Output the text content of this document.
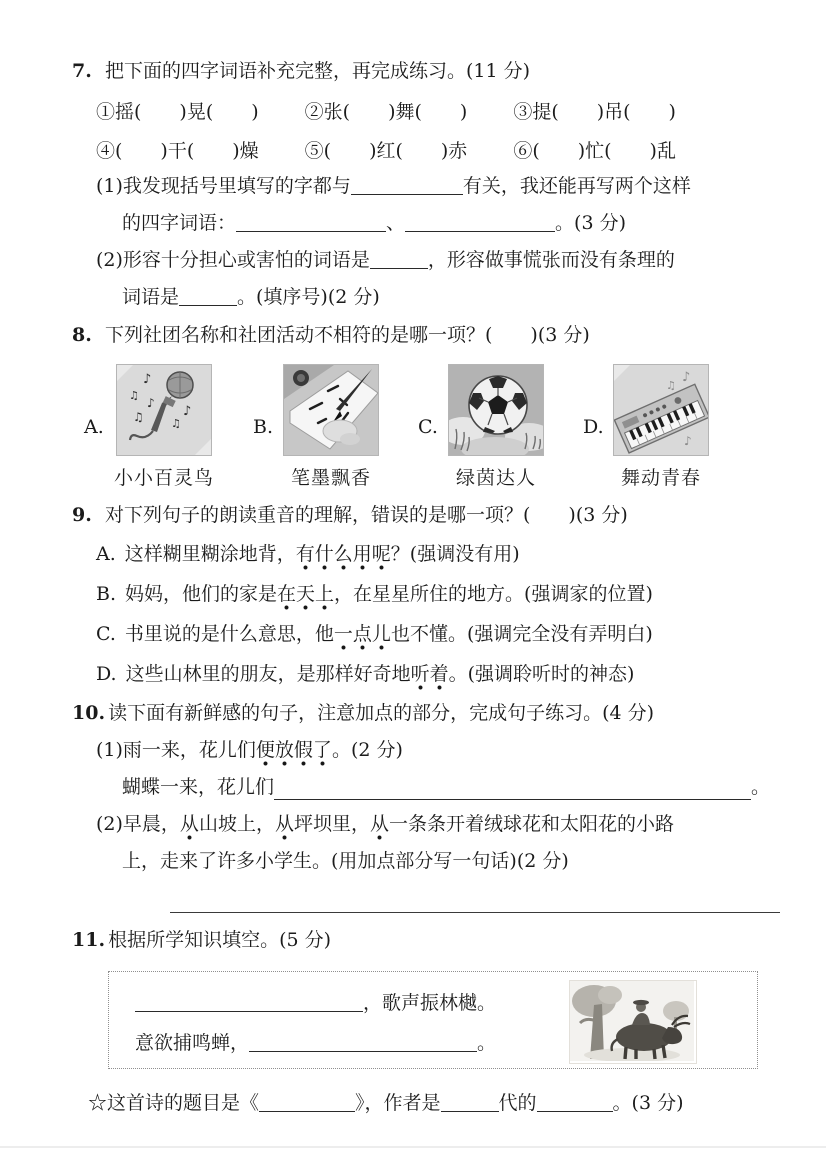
7. 把下面的四字词语补充完整，再完成练习。(11 分)
①摇(　　)晃(　　) ②张(　　)舞(　　) ③提(　　)吊(　　)
④(　　)干(　　)燥 ⑤(　　)红(　　)赤 ⑥(　　)忙(　　)乱
(1)我发现括号里填写的字都与	有关，我还能再写两个这样
的四字词语：	、	。(3 分)
(2)形容十分担心或害怕的词语是	，形容做事慌张而没有条理的
词语是	。(填序号)(2 分)
8. 下列社团名称和社团活动不相符的是哪一项？(　　)(3 分)
A.
♪
♫
♪
♫	♪
♫
小小百灵鸟
B.
笔墨飘香
C.
绿茵达人
D.
♪
♫
♪
舞动青春
9. 对下列句子的朗读重音的理解，错误的是哪一项？(　　)(3 分)
A. 这样糊里糊涂地背，有什么用呢？(强调没有用)
B. 妈妈，他们的家是在天上，在星星所住的地方。(强调家的位置)
C. 书里说的是什么意思，他一点儿也不懂。(强调完全没有弄明白)
D. 这些山林里的朋友，是那样好奇地听着。(强调聆听时的神态)
10. 读下面有新鲜感的句子，注意加点的部分，完成句子练习。(4 分)
(1)雨一来，花儿们便放假了。(2 分)
蝴蝶一来，花儿们	。
(2)早晨，从山坡上，从坪坝里，从一条条开着绒球花和太阳花的小路
上，走来了许多小学生。(用加点部分写一句话)(2 分)
11. 根据所学知识填空。(5 分)
，歌声振林樾。
意欲捕鸣蝉，	。
☆这首诗的题目是《	》，作者是	代的	。(3 分)
